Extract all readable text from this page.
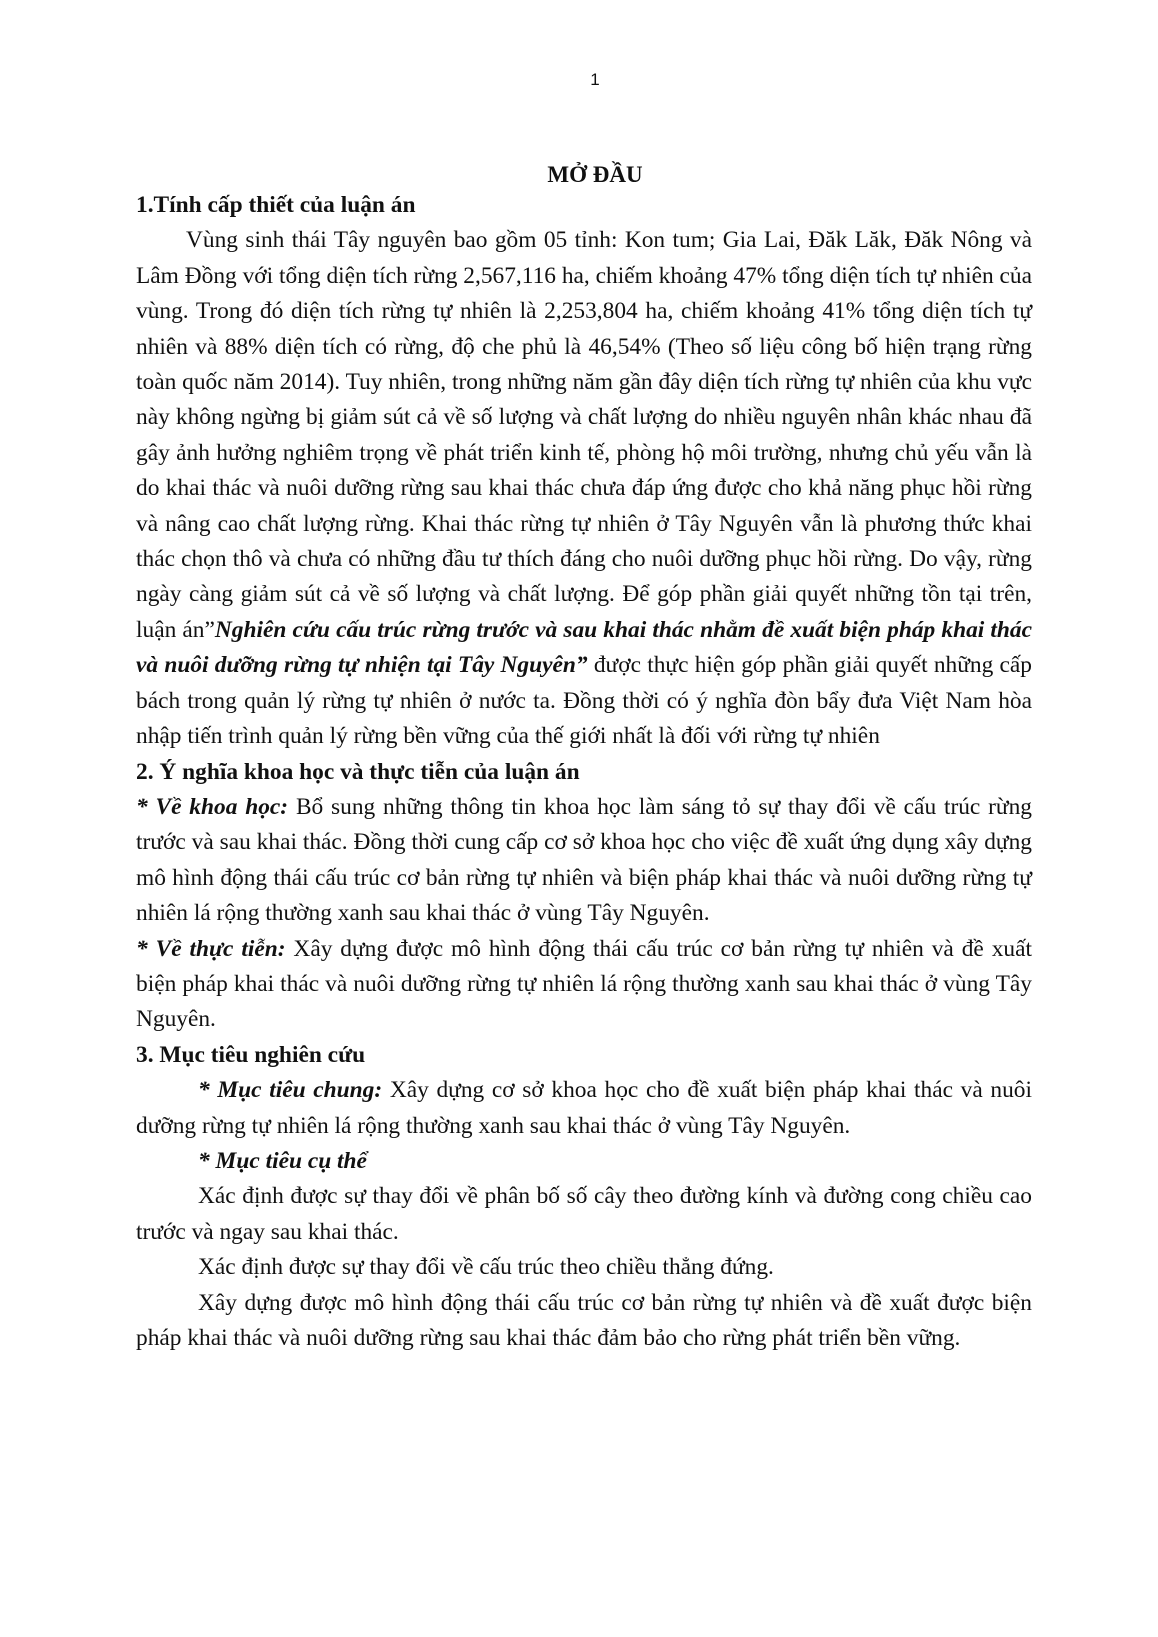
1
MỞ ĐẦU
1.Tính cấp thiết của luận án

Vùng sinh thái Tây nguyên bao gồm 05 tỉnh: Kon tum; Gia Lai, Đăk Lăk, Đăk Nông và Lâm Đồng với tổng diện tích rừng 2,567,116 ha, chiếm khoảng 47% tổng diện tích tự nhiên của vùng. Trong đó diện tích rừng tự nhiên là 2,253,804 ha, chiếm khoảng 41% tổng diện tích tự nhiên và 88% diện tích có rừng, độ che phủ là 46,54% (Theo số liệu công bố hiện trạng rừng toàn quốc năm 2014). Tuy nhiên, trong những năm gần đây diện tích rừng tự nhiên của khu vực này không ngừng bị giảm sút cả về số lượng và chất lượng do nhiều nguyên nhân khác nhau đã gây ảnh hưởng nghiêm trọng về phát triển kinh tế, phòng hộ môi trường, nhưng chủ yếu vẫn là do khai thác và nuôi dưỡng rừng sau khai thác chưa đáp ứng được cho khả năng phục hồi rừng và nâng cao chất lượng rừng. Khai thác rừng tự nhiên ở Tây Nguyên vẫn là phương thức khai thác chọn thô và chưa có những đầu tư thích đáng cho nuôi dưỡng phục hồi rừng. Do vậy, rừng ngày càng giảm sút cả về số lượng và chất lượng. Để góp phần giải quyết những tồn tại trên, luận án”Nghiên cứu cấu trúc rừng trước và sau khai thác nhằm đề xuất biện pháp khai thác và nuôi dưỡng rừng tự nhiện tại Tây Nguyên” được thực hiện góp phần giải quyết những cấp bách trong quản lý rừng tự nhiên ở nước ta. Đồng thời có ý nghĩa đòn bẩy đưa Việt Nam hòa nhập tiến trình quản lý rừng bền vững của thế giới nhất là đối với rừng tự nhiên

2. Ý nghĩa khoa học và thực tiễn của luận án

* Về khoa học: Bổ sung những thông tin khoa học làm sáng tỏ sự thay đổi về cấu trúc rừng trước và sau khai thác. Đồng thời cung cấp cơ sở khoa học cho việc đề xuất ứng dụng xây dựng mô hình động thái cấu trúc cơ bản rừng tự nhiên và biện pháp khai thác và nuôi dưỡng rừng tự nhiên lá rộng thường xanh sau khai thác ở vùng Tây Nguyên.

* Về thực tiễn: Xây dựng được mô hình động thái cấu trúc cơ bản rừng tự nhiên và đề xuất biện pháp khai thác và nuôi dưỡng rừng tự nhiên lá rộng thường xanh sau khai thác ở vùng Tây Nguyên.

3. Mục tiêu nghiên cứu

* Mục tiêu chung: Xây dựng cơ sở khoa học cho đề xuất biện pháp khai thác và nuôi dưỡng rừng tự nhiên lá rộng thường xanh sau khai thác ở vùng Tây Nguyên.

* Mục tiêu cụ thể

Xác định được sự thay đổi về phân bố số cây theo đường kính và đường cong chiều cao trước và ngay sau khai thác.

Xác định được sự thay đổi về cấu trúc theo chiều thẳng đứng.

Xây dựng được mô hình động thái cấu trúc cơ bản rừng tự nhiên và đề xuất được biện pháp khai thác và nuôi dưỡng rừng sau khai thác đảm bảo cho rừng phát triển bền vững.
